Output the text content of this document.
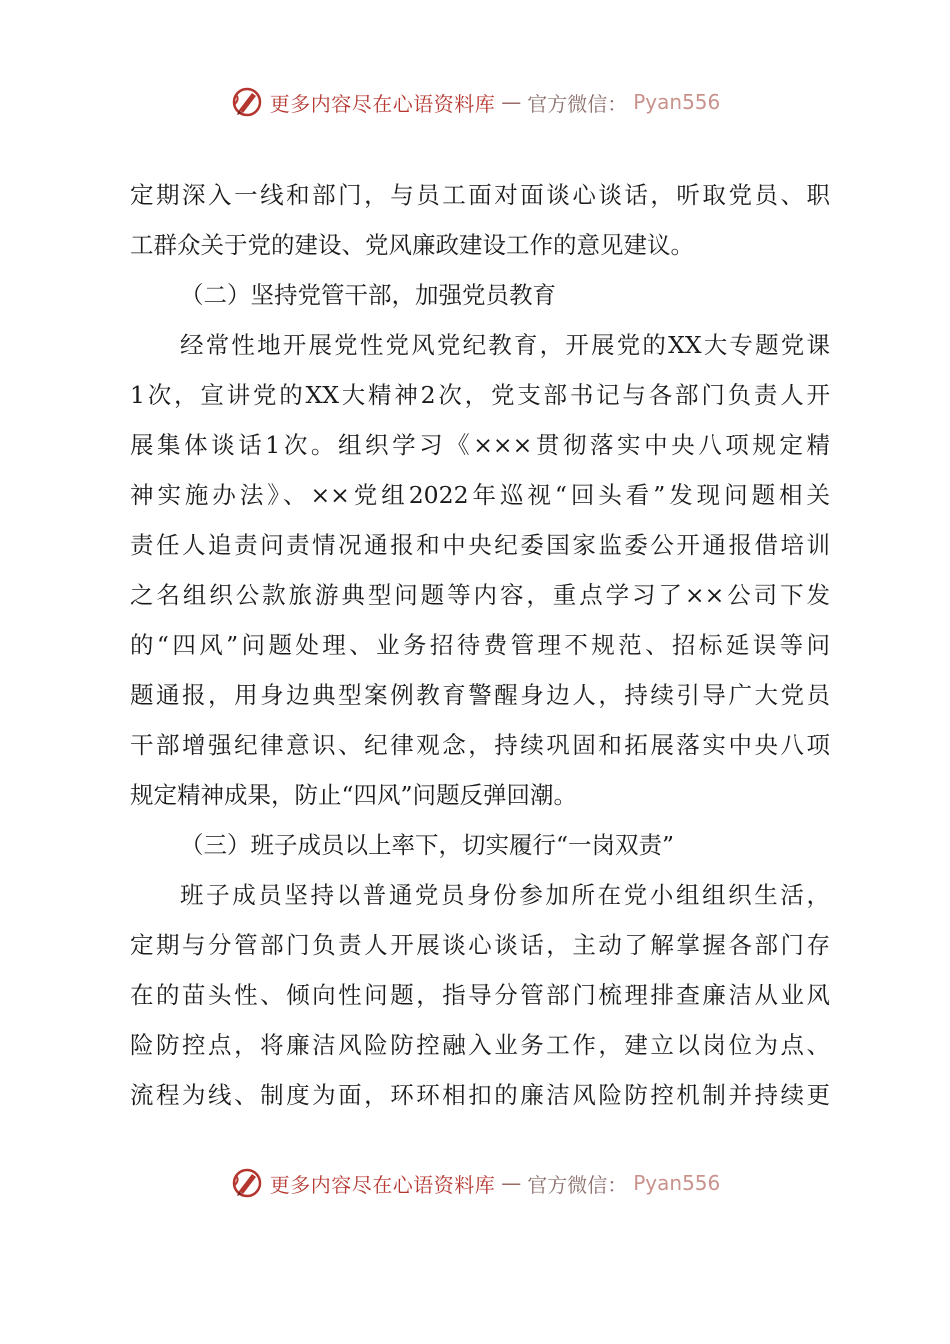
更多内容尽在心语资料库 — 官方微信： Pyan556
定期深入一线和部门，与员工面对面谈心谈话，听取党员、职
工群众关于党的建设、党风廉政建设工作的意见建议。
（二）坚持党管干部，加强党员教育
经常性地开展党性党风党纪教育，开展党的XX大专题党课
1次，宣讲党的XX大精神2次，党支部书记与各部门负责人开
展集体谈话1次。组织学习《×××贯彻落实中央八项规定精
神实施办法》、××党组2022年巡视“回头看”发现问题相关
责任人追责问责情况通报和中央纪委国家监委公开通报借培训
之名组织公款旅游典型问题等内容，重点学习了××公司下发
的“四风”问题处理、业务招待费管理不规范、招标延误等问
题通报，用身边典型案例教育警醒身边人，持续引导广大党员
干部增强纪律意识、纪律观念，持续巩固和拓展落实中央八项
规定精神成果，防止“四风”问题反弹回潮。
（三）班子成员以上率下，切实履行“一岗双责”
班子成员坚持以普通党员身份参加所在党小组组织生活，
定期与分管部门负责人开展谈心谈话，主动了解掌握各部门存
在的苗头性、倾向性问题，指导分管部门梳理排查廉洁从业风
险防控点，将廉洁风险防控融入业务工作，建立以岗位为点、
流程为线、制度为面，环环相扣的廉洁风险防控机制并持续更
更多内容尽在心语资料库 — 官方微信： Pyan556
